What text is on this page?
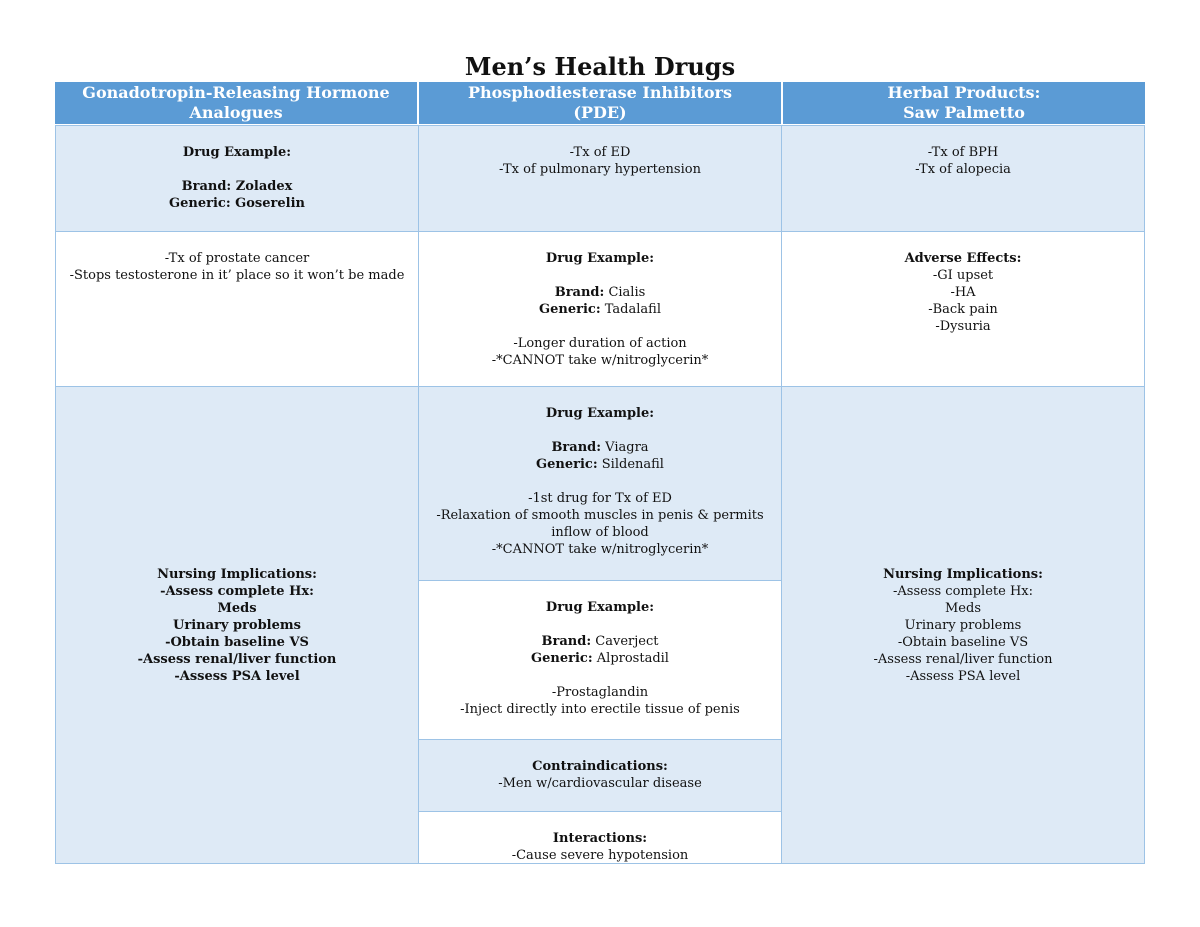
Men’s Health Drugs
Gonadotropin-Releasing Hormone
Analogues
Phosphodiesterase Inhibitors
(PDE)
Herbal Products:
Saw Palmetto
Drug Example:
Brand: Zoladex
Generic: Goserelin
-Tx of prostate cancer
-Stops testosterone in it’ place so it won’t be made
Nursing Implications:
-Assess complete Hx:
Meds
Urinary problems
-Obtain baseline VS
-Assess renal/liver function
-Assess PSA level
-Tx of ED
-Tx of pulmonary hypertension
Drug Example:
Brand: Cialis
Generic: Tadalafil
-Longer duration of action
-*CANNOT take w/nitroglycerin*
Drug Example:
Brand: Viagra
Generic: Sildenafil
-1st drug for Tx of ED
-Relaxation of smooth muscles in penis & permits
inflow of blood
-*CANNOT take w/nitroglycerin*
Drug Example:
Brand: Caverject
Generic: Alprostadil
-Prostaglandin
-Inject directly into erectile tissue of penis
Contraindications:
-Men w/cardiovascular disease
Interactions:
-Cause severe hypotension
-Tx of BPH
-Tx of alopecia
Adverse Effects:
-GI upset
-HA
-Back pain
-Dysuria
Nursing Implications:
-Assess complete Hx:
Meds
Urinary problems
-Obtain baseline VS
-Assess renal/liver function
-Assess PSA level
